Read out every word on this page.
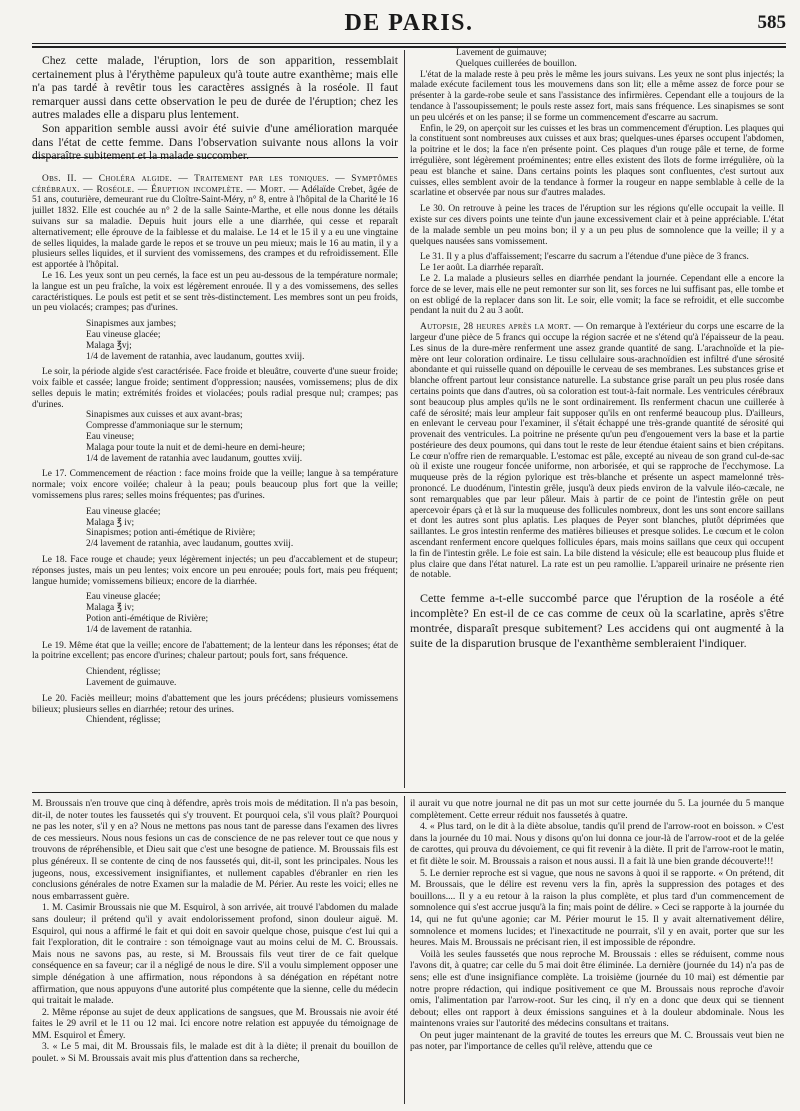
DE PARIS.	585

Chez cette malade, l'éruption, lors de son apparition, ressemblait certainement plus à l'érythème papuleux qu'à toute autre exanthème; mais elle n'a pas tardé à revêtir tous les caractères assignés à la roséole. Il faut remarquer aussi dans cette observation le peu de durée de l'éruption; chez les autres malades elle a disparu plus lentement.

Son apparition semble aussi avoir été suivie d'une amélioration marquée dans l'état de cette femme. Dans l'observation suivante nous allons la voir disparaître subitement et la malade succomber.

Obs. II. — Choléra algide. — Traitement par les toniques. — Symptômes cérébraux. — Roséole. — Éruption incomplète. — Mort. — Adélaïde Crebet, âgée de 51 ans, couturière, demeurant rue du Cloître-Saint-Méry, n° 8, entre à l'hôpital de la Charité le 16 juillet 1832. Elle est couchée au n° 2 de la salle Sainte-Marthe, et elle nous donne les détails suivans sur sa maladie. Depuis huit jours elle a une diarrhée, qui cesse et reparaît alternativement; elle éprouve de la faiblesse et du malaise. Le 14 et le 15 il y a eu une vingtaine de selles liquides, la malade garde le repos et se trouve un peu mieux; mais le 16 au matin, il y a plusieurs selles liquides, et il survient des vomissemens, des crampes et du refroidissement. Elle est apportée à l'hôpital.

Le 16. Les yeux sont un peu cernés, la face est un peu au-dessous de la température normale; la langue est un peu fraîche, la voix est légèrement enrouée. Il y a des vomissemens, des selles caractéristiques. Le pouls est petit et se sent très-distinctement. Les membres sont un peu froids, un peu violacés; crampes; pas d'urines.

Sinapismes aux jambes;

Eau vineuse glacée;

Malaga ℥vj;

1/4 de lavement de ratanhia, avec laudanum, gouttes xviij.

Le soir, la période algide s'est caractérisée. Face froide et bleuâtre, couverte d'une sueur froide; voix faible et cassée; langue froide; sentiment d'oppression; nausées, vomissemens; plus de dix selles depuis le matin; extrémités froides et violacées; pouls radial presque nul; crampes; pas d'urines.

Sinapismes aux cuisses et aux avant-bras;

Compresse d'ammoniaque sur le sternum;

Eau vineuse;

Malaga pour toute la nuit et de demi-heure en demi-heure;

1/4 de lavement de ratanhia avec laudanum, gouttes xviij.

Le 17. Commencement de réaction : face moins froide que la veille; langue à sa température normale; voix encore voilée; chaleur à la peau; pouls beaucoup plus fort que la veille; vomissemens plus rares; selles moins fréquentes; pas d'urines.

Eau vineuse glacée;

Malaga ℥ iv;

Sinapismes; potion anti-émétique de Rivière;

2/4 lavement de ratanhia, avec laudanum, gouttes xviij.

Le 18. Face rouge et chaude; yeux légèrement injectés; un peu d'accablement et de stupeur; réponses justes, mais un peu lentes; voix encore un peu enrouée; pouls fort, mais peu fréquent; langue humide; vomissemens bilieux; encore de la diarrhée.

Eau vineuse glacée;

Malaga ℥ iv;

Potion anti-émétique de Rivière;

1/4 de lavement de ratanhia.

Le 19. Même état que la veille; encore de l'abattement; de la lenteur dans les réponses; état de la poitrine excellent; pas encore d'urines; chaleur partout; pouls fort, sans fréquence.

Chiendent, réglisse;

Lavement de guimauve.

Le 20. Faciès meilleur; moins d'abattement que les jours précédens; plusieurs vomissemens bilieux; plusieurs selles en diarrhée; retour des urines.

Chiendent, réglisse;

Lavement de guimauve;

Quelques cuillerées de bouillon.

L'état de la malade reste à peu près le même les jours suivans. Les yeux ne sont plus injectés; la malade exécute facilement tous les mouvemens dans son lit; elle a même assez de force pour se présenter à la garde-robe seule et sans l'assistance des infirmières. Cependant elle a toujours de la tendance à l'assoupissement; le pouls reste assez fort, mais sans fréquence. Les sinapismes se sont un peu ulcérés et on les panse; il se forme un commencement d'escarre au sacrum.

Enfin, le 29, on aperçoit sur les cuisses et les bras un commencement d'éruption. Les plaques qui la constituent sont nombreuses aux cuisses et aux bras; quelques-unes éparses occupent l'abdomen, la poitrine et le dos; la face n'en présente point. Ces plaques d'un rouge pâle et terne, de forme irrégulière, sont légèrement proéminentes; entre elles existent des îlots de forme irrégulière, où la peau est blanche et saine. Dans certains points les plaques sont confluentes, c'est surtout aux cuisses, elles semblent avoir de la tendance à former la rougeur en nappe semblable à celle de la scarlatine et observée par nous sur d'autres malades.

Le 30. On retrouve à peine les traces de l'éruption sur les régions qu'elle occupait la veille. Il existe sur ces divers points une teinte d'un jaune excessivement clair et à peine appréciable. L'état de la malade semble un peu moins bon; il y a un peu plus de somnolence que la veille; il y a quelques nausées sans vomissement.

Le 31. Il y a plus d'affaissement; l'escarre du sacrum a l'étendue d'une pièce de 3 francs.

Le 1er août. La diarrhée reparaît.

Le 2. La malade a plusieurs selles en diarrhée pendant la journée. Cependant elle a encore la force de se lever, mais elle ne peut remonter sur son lit, ses forces ne lui suffisant pas, elle tombe et on est obligé de la replacer dans son lit. Le soir, elle vomit; la face se refroidit, et elle succombe pendant la nuit du 2 au 3 août.

Autopsie, 28 heures après la mort. — On remarque à l'extérieur du corps une escarre de la largeur d'une pièce de 5 francs qui occupe la région sacrée et ne s'étend qu'à l'épaisseur de la peau. Les sinus de la dure-mère renferment une assez grande quantité de sang. L'arachnoïde et la pie-mère ont leur coloration ordinaire. Le tissu cellulaire sous-arachnoïdien est infiltré d'une sérosité abondante et qui ruisselle quand on dépouille le cerveau de ses membranes. Les substances grise et blanche offrent partout leur consistance naturelle. La substance grise paraît un peu plus rosée dans certains points que dans d'autres, où sa coloration est tout-à-fait normale. Les ventricules cérébraux sont beaucoup plus amples qu'ils ne le sont ordinairement. Ils renferment chacun une cuillerée à café de sérosité; mais leur ampleur fait supposer qu'ils en ont renfermé beaucoup plus. D'ailleurs, en enlevant le cerveau pour l'examiner, il s'était échappé une très-grande quantité de sérosité qui provenait des ventricules. La poitrine ne présente qu'un peu d'engouement vers la base et la partie postérieure des deux poumons, qui dans tout le reste de leur étendue étaient sains et bien crépitans. Le cœur n'offre rien de remarquable. L'estomac est pâle, excepté au niveau de son grand cul-de-sac où il existe une rougeur foncée uniforme, non arborisée, et qui se rapproche de l'ecchymose. La muqueuse près de la région pylorique est très-blanche et présente un aspect mamelonné très-prononcé. Le duodénum, l'intestin grêle, jusqu'à deux pieds environ de la valvule iléo-cæcale, ne sont remarquables que par leur pâleur. Mais à partir de ce point de l'intestin grêle on peut apercevoir épars çà et là sur la muqueuse des follicules nombreux, dont les uns sont encore saillans et dont les autres sont plus aplatis. Les plaques de Peyer sont blanches, plutôt déprimées que saillantes. Le gros intestin renferme des matières bilieuses et presque solides. Le cœcum et le colon ascendant renferment encore quelques follicules épars, mais moins saillans que ceux qui occupent la fin de l'intestin grêle. Le foie est sain. La bile distend la vésicule; elle est beaucoup plus fluide et plus claire que dans l'état naturel. La rate est un peu ramollie. L'appareil urinaire ne présente rien de notable.

Cette femme a-t-elle succombé parce que l'éruption de la roséole a été incomplète? En est-il de ce cas comme de ceux où la scarlatine, après s'être montrée, disparaît presque subitement? Les accidens qui ont augmenté à la suite de la disparution brusque de l'exanthème sembleraient l'indiquer.

M. Broussais n'en trouve que cinq à défendre, après trois mois de méditation. Il n'a pas besoin, dit-il, de noter toutes les faussetés qui s'y trouvent. Et pourquoi cela, s'il vous plaît? Pourquoi ne pas les noter, s'il y en a? Nous ne mettons pas nous tant de paresse dans l'examen des livres de ces messieurs. Nous nous fesions un cas de conscience de ne pas relever tout ce que nous y trouvons de répréhensible, et Dieu sait que c'est une besogne de patience. M. Broussais fils est plus généreux. Il se contente de cinq de nos faussetés qui, dit-il, sont les principales. Nous les jugeons, nous, excessivement insignifiantes, et nullement capables d'ébranler en rien les conclusions générales de notre Examen sur la maladie de M. Périer. Au reste les voici; elles ne nous embarrassent guère.

1. M. Casimir Broussais nie que M. Esquirol, à son arrivée, ait trouvé l'abdomen du malade sans douleur; il prétend qu'il y avait endolorissement profond, sinon douleur aiguë. M. Esquirol, qui nous a affirmé le fait et qui doit en savoir quelque chose, puisque c'est lui qui a fait l'exploration, dit le contraire : son témoignage vaut au moins celui de M. C. Broussais. Mais nous ne savons pas, au reste, si M. Broussais fils veut tirer de ce fait quelque conséquence en sa faveur; car il a négligé de nous le dire. S'il a voulu simplement opposer une simple dénégation à une affirmation, nous répondons à sa dénégation en répétant notre affirmation, que nous appuyons d'une autorité plus compétente que la sienne, celle du médecin qui traitait le malade.

2. Même réponse au sujet de deux applications de sangsues, que M. Broussais nie avoir été faites le 29 avril et le 11 ou 12 mai. Ici encore notre relation est appuyée du témoignage de MM. Esquirol et Émery.

3. « Le 5 mai, dit M. Broussais fils, le malade est dit à la diète; il prenait du bouillon de poulet. » Si M. Broussais avait mis plus d'attention dans sa recherche,

il aurait vu que notre journal ne dit pas un mot sur cette journée du 5. La journée du 5 manque complètement. Cette erreur réduit nos faussetés à quatre.

4. « Plus tard, on le dit à la diète absolue, tandis qu'il prend de l'arrow-root en boisson. » C'est dans la journée du 10 mai. Nous y disons qu'on lui donna ce jour-là de l'arrow-root et de la gelée de carottes, qui prouva du dévoiement, ce qui fit revenir à la diète. Il prit de l'arrow-root le matin, et fit diète le soir. M. Broussais a raison et nous aussi. Il a fait là une bien grande découverte!!!

5. Le dernier reproche est si vague, que nous ne savons à quoi il se rapporte. « On prétend, dit M. Broussais, que le délire est revenu vers la fin, après la suppression des potages et des bouillons.... Il y a eu retour à la raison la plus complète, et plus tard d'un commencement de somnolence qui s'est accrue jusqu'à la fin; mais point de délire. » Ceci se rapporte à la journée du 14, qui ne fut qu'une agonie; car M. Périer mourut le 15. Il y avait alternativement délire, somnolence et momens lucides; et l'inexactitude ne pourrait, s'il y en avait, porter que sur les heures. Mais M. Broussais ne précisant rien, il est impossible de répondre.

Voilà les seules faussetés que nous reproche M. Broussais : elles se réduisent, comme nous l'avons dit, à quatre; car celle du 5 mai doit être éliminée. La dernière (journée du 14) n'a pas de sens; elle est d'une insignifiance complète. La troisième (journée du 10 mai) est démentie par notre propre rédaction, qui indique positivement ce que M. Broussais nous reproche d'avoir omis, l'alimentation par l'arrow-root. Sur les cinq, il n'y en a donc que deux qui se tiennent debout; elles ont rapport à deux émissions sanguines et à la douleur abdominale. Nous les maintenons vraies sur l'autorité des médecins consultans et traitans.

On peut juger maintenant de la gravité de toutes les erreurs que M. C. Broussais veut bien ne pas noter, par l'importance de celles qu'il relève, attendu que ce
